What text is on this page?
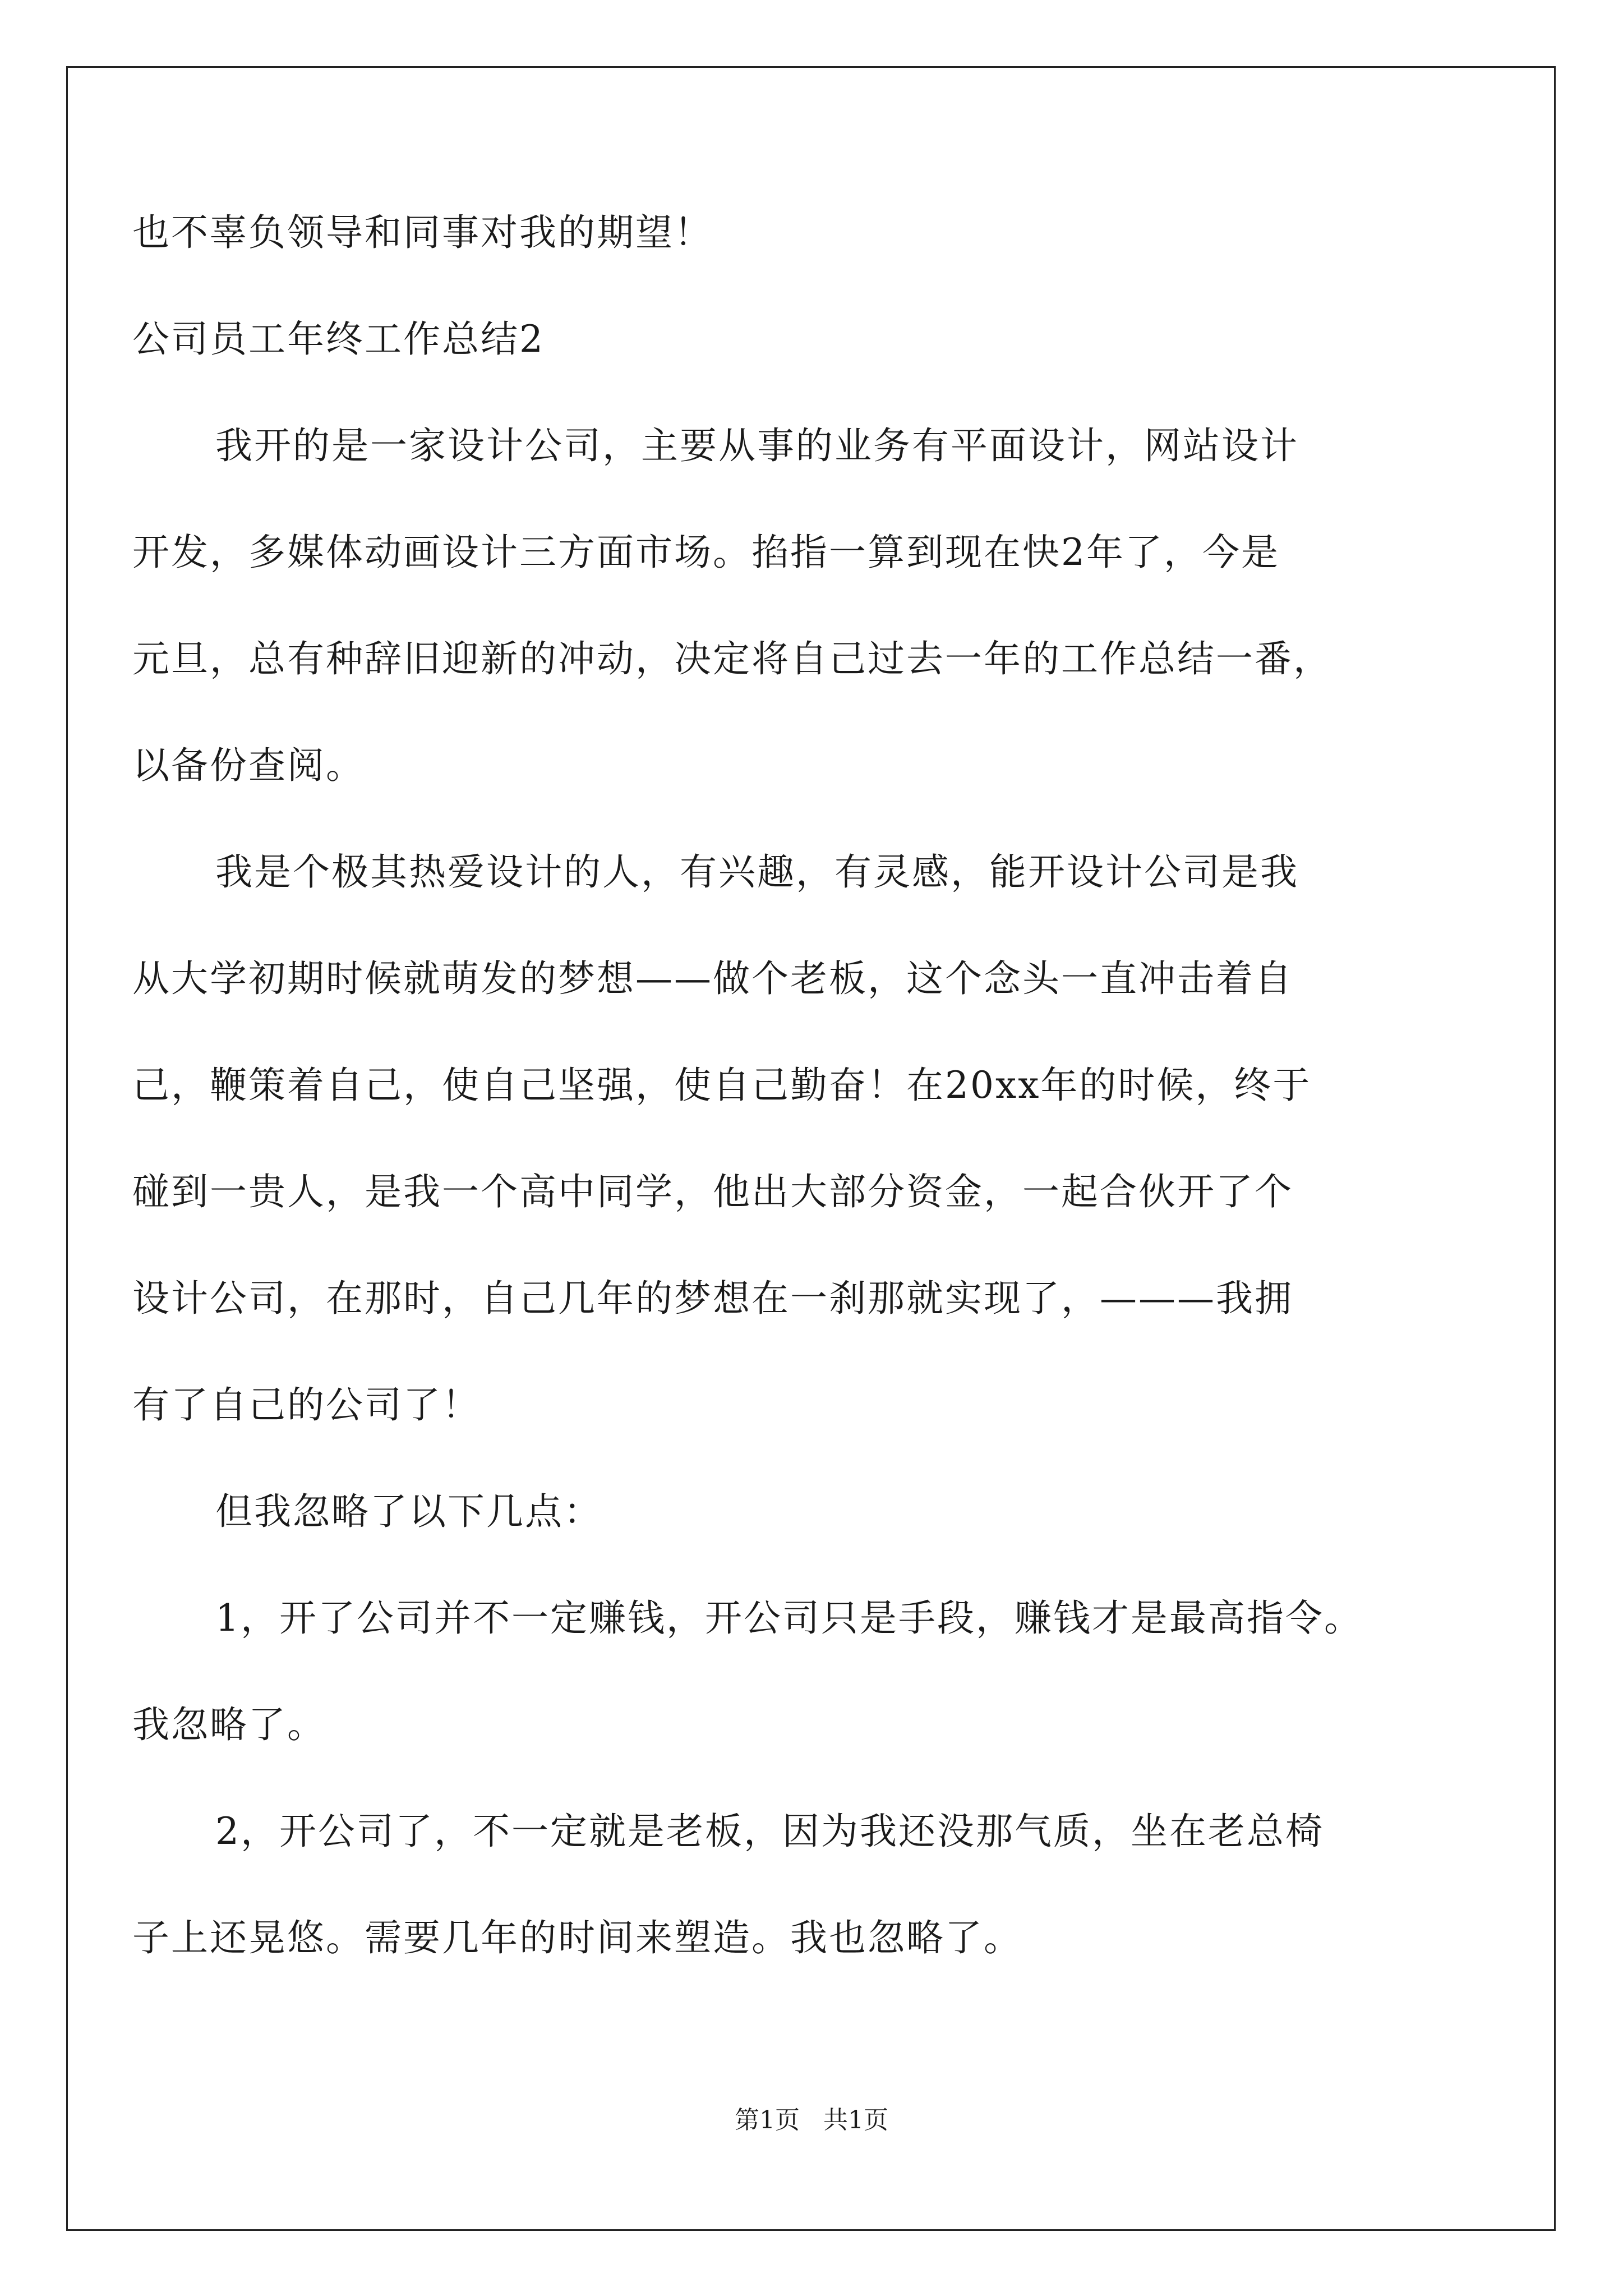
也不辜负领导和同事对我的期望！
公司员工年终工作总结2
我开的是一家设计公司，主要从事的业务有平面设计，网站设计
开发，多媒体动画设计三方面市场。掐指一算到现在快2年了，今是
元旦，总有种辞旧迎新的冲动，决定将自己过去一年的工作总结一番，
以备份查阅。
我是个极其热爱设计的人，有兴趣，有灵感，能开设计公司是我
从大学初期时候就萌发的梦想——做个老板，这个念头一直冲击着自
己，鞭策着自己，使自己坚强，使自己勤奋！在20xx年的时候，终于
碰到一贵人，是我一个高中同学，他出大部分资金，一起合伙开了个
设计公司，在那时，自己几年的梦想在一刹那就实现了，———我拥
有了自己的公司了！
但我忽略了以下几点：
1，开了公司并不一定赚钱，开公司只是手段，赚钱才是最高指令。
我忽略了。
2，开公司了，不一定就是老板，因为我还没那气质，坐在老总椅
子上还晃悠。需要几年的时间来塑造。我也忽略了。
第1页   共1页
